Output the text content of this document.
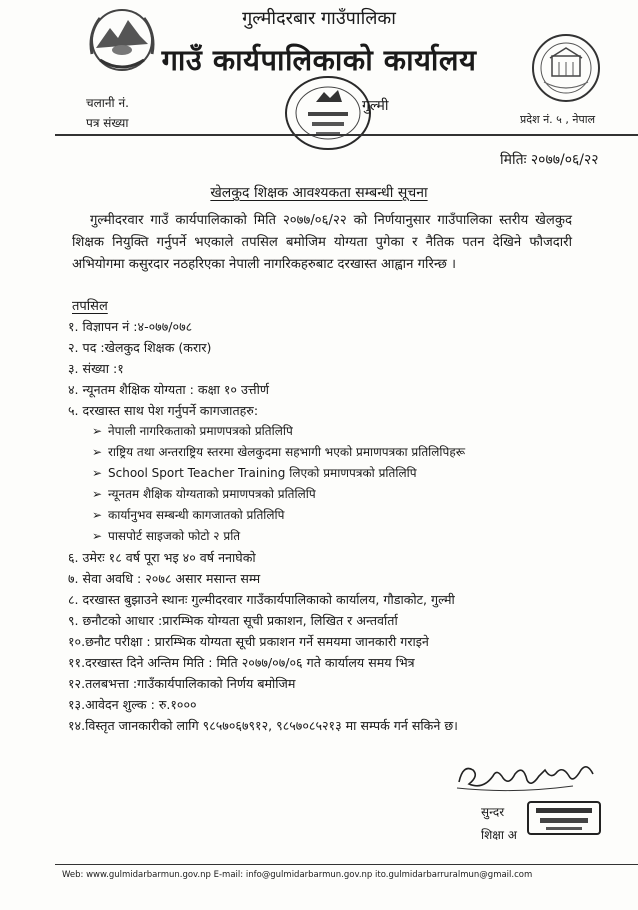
गुल्मीदरबार गाउँपालिका
गाउँ कार्यपालिकाको कार्यालय
गुल्मी
चलानी नं.
पत्र संख्या	प्रदेश नं. ५ , नेपाल
मितिः २०७७/०६/२२
खेलकुद शिक्षक आवश्यकता सम्बन्धी सूचना
गुल्मीदरवार गाउँ कार्यपालिकाको मिति २०७७/०६/२२ को निर्णयानुसार गाउँपालिका स्तरीय खेलकुद शिक्षक नियुक्ति गर्नुपर्ने भएकाले तपसिल बमोजिम योग्यता पुगेका र नैतिक पतन देखिने फौजदारी अभियोगमा कसुरदार नठहरिएका नेपाली नागरिकहरुबाट दरखास्त आह्वान गरिन्छ ।
तपसिल
१. विज्ञापन नं :४-०७७/०७८
२. पद :खेलकुद शिक्षक (करार)
३. संख्या :१
४. न्यूनतम शैक्षिक योग्यता : कक्षा १० उत्तीर्ण
५. दरखास्त साथ पेश गर्नुपर्ने कागजातहरु:
➢ नेपाली नागरिकताको प्रमाणपत्रको प्रतिलिपि
➢ राष्ट्रिय तथा अन्तराष्ट्रिय स्तरमा खेलकुदमा सहभागी भएको प्रमाणपत्रका प्रतिलिपिहरू
➢ School Sport Teacher Training लिएको प्रमाणपत्रको प्रतिलिपि
➢ न्यूनतम शैक्षिक योग्यताको प्रमाणपत्रको प्रतिलिपि
➢ कार्यानुभव सम्बन्धी कागजातको प्रतिलिपि
➢ पासपोर्ट साइजको फोटो २ प्रति
६. उमेरः १८ वर्ष पूरा भइ ४० वर्ष ननाघेको
७. सेवा अवधि : २०७८ असार मसान्त सम्म
८. दरखास्त बुझाउने स्थानः गुल्मीदरवार गाउँकार्यपालिकाको कार्यालय, गौडाकोट, गुल्मी
९. छनौटको आधार :प्रारम्भिक योग्यता सूची प्रकाशन, लिखित र अन्तर्वार्ता
१०.छनौट परीक्षा : प्रारम्भिक योग्यता सूची प्रकाशन गर्ने समयमा जानकारी गराइने
११.दरखास्त दिने अन्तिम मिति : मिति २०७७/०७/०६ गते कार्यालय समय भित्र
१२.तलबभत्ता :गाउँकार्यपालिकाको निर्णय बमोजिम
१३.आवेदन शुल्क : रु.१०००
१४.विस्तृत जानकारीको लागि ९८५७०६७९१२, ९८५७०८५२१३ मा सम्पर्क गर्न सकिने छ।
सुन्दर
शिक्षा अ
Web: www.gulmidarbarmun.gov.np E-mail: info@gulmidarbarmun.gov.np ito.gulmidarbarruralmun@gmail.com
